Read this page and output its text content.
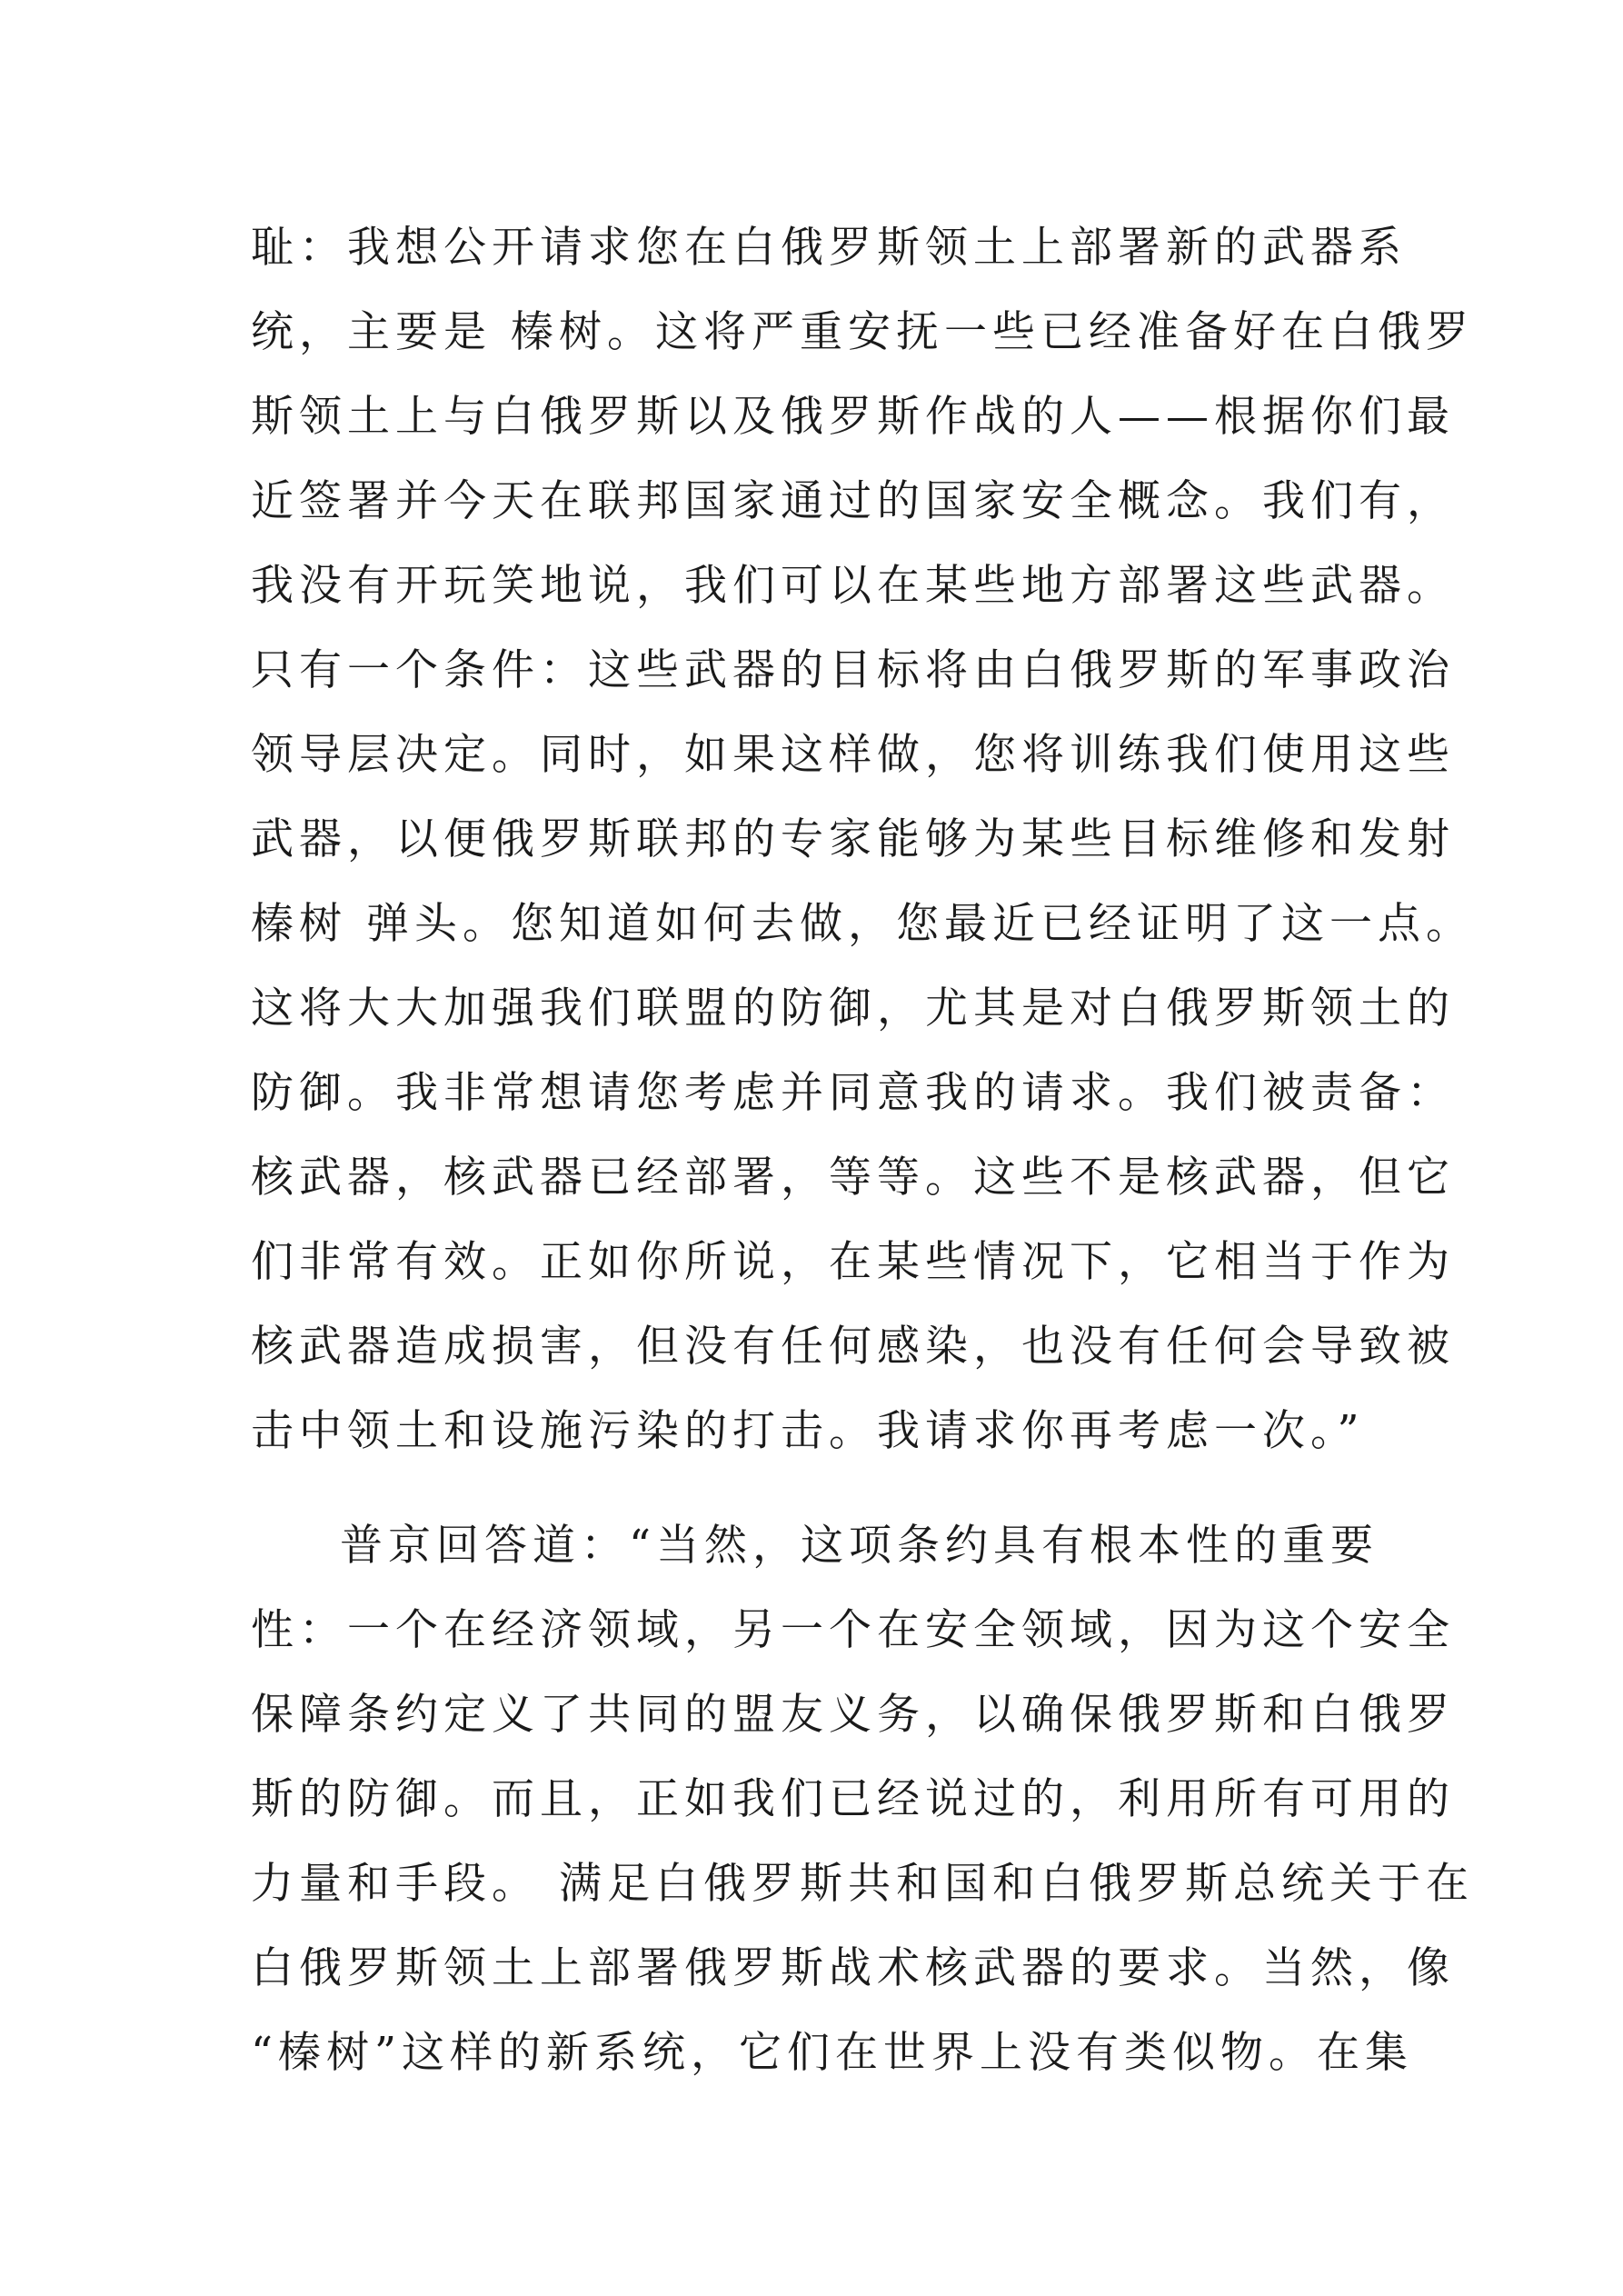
耻：我想公开请求您在白俄罗斯领土上部署新的武器系
统，主要是 榛树。这将严重安抚一些已经准备好在白俄罗
斯领土上与白俄罗斯以及俄罗斯作战的人——根据你们最
近签署并今天在联邦国家通过的国家安全概念。我们有，
我没有开玩笑地说，我们可以在某些地方部署这些武器。
只有一个条件：这些武器的目标将由白俄罗斯的军事政治
领导层决定。同时，如果这样做，您将训练我们使用这些
武器，以便俄罗斯联邦的专家能够为某些目标维修和发射
榛树 弹头。您知道如何去做，您最近已经证明了这一点。
这将大大加强我们联盟的防御，尤其是对白俄罗斯领土的
防御。我非常想请您考虑并同意我的请求。我们被责备：
核武器，核武器已经部署，等等。这些不是核武器，但它
们非常有效。正如你所说，在某些情况下，它相当于作为
核武器造成损害，但没有任何感染，也没有任何会导致被
击中领土和设施污染的打击。我请求你再考虑一次。”
普京回答道：“当然，这项条约具有根本性的重要
性：一个在经济领域，另一个在安全领域，因为这个安全
保障条约定义了共同的盟友义务，以确保俄罗斯和白俄罗
斯的防御。而且，正如我们已经说过的，利用所有可用的
力量和手段。 满足白俄罗斯共和国和白俄罗斯总统关于在
白俄罗斯领土上部署俄罗斯战术核武器的要求。当然，像
“榛树”这样的新系统，它们在世界上没有类似物。在集
